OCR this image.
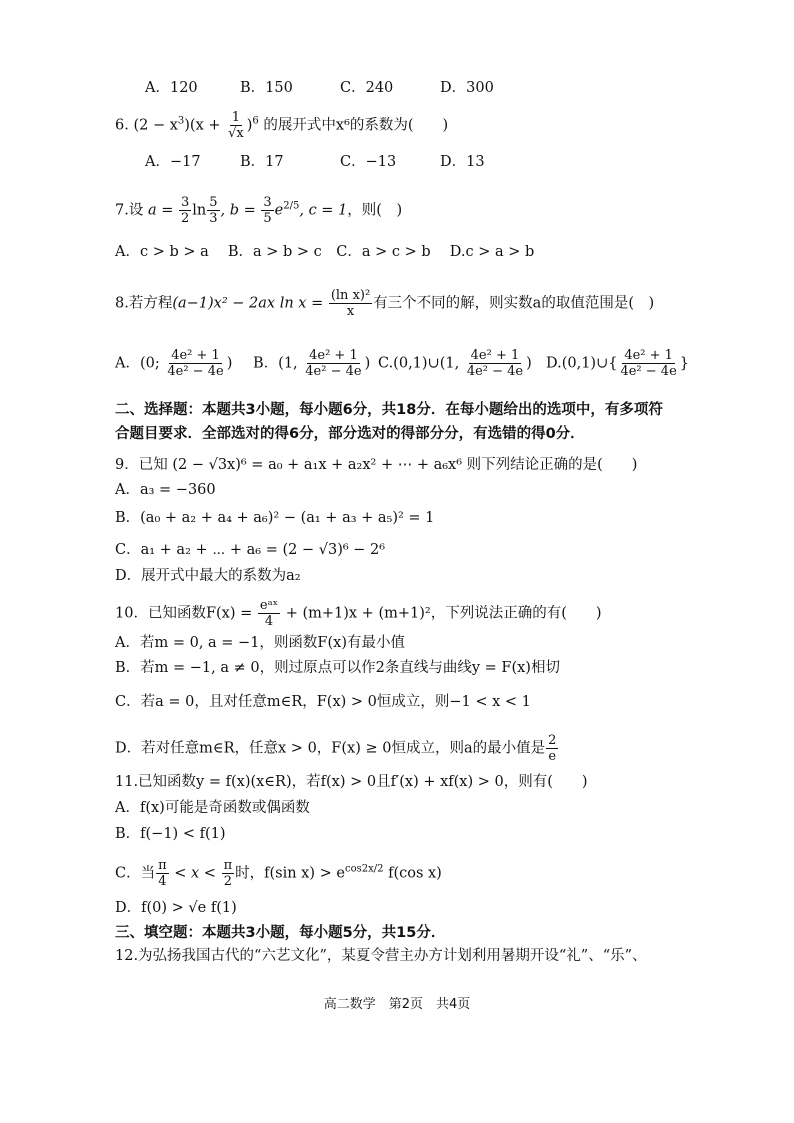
A．120	B．150	C．240	D．300
6. $(2 - x^3)(x + \frac{1}{√x} )^6$ 的展开式中x⁶的系数为(　　)
A．−17	B．17	C．−13	D．13
7.设 $a = \frac{3}{2}$ $\ln \frac{5}{3}$ , $b = \frac{3}{5} e^{2/5}$, c = 1，则(　)
A．c > b > a　 B．a > b > c　C．a > c > b　 D.c > a > b
8.若方程(a−1)x² − 2ax $\ln x = \frac{\text{(ln x)²}}{x}$ 有三个不同的解，则实数a的取值范围是(　)
A．(0; $\frac{\text{4e² + 1}}{\text{4e² − 4e}}$ ) B．(1, $\frac{\text{4e² + 1}}{\text{4e² − 4e}}$ ) C.(0,1)∪(1, $\frac{\text{4e² + 1}}{\text{4e² − 4e}}$ ) D.(0,1)∪{ $\frac{\text{4e² + 1}}{\text{4e² − 4e}}$ }
二、选择题：本题共3小题，每小题6分，共18分．在每小题给出的选项中，有多项符
合题目要求．全部选对的得6分，部分选对的得部分分，有选错的得0分．
9．已知 (2 − √3x)⁶ = a₀ + a₁x + a₂x² + ⋯ + a₆x⁶ 则下列结论正确的是(　　)
A．a₃ = −360
B．(a₀ + a₂ + a₄ + a₆)² − (a₁ + a₃ + a₅)² = 1
C．a₁ + a₂ + ⋯ + a₆ = (2 − √3)⁶ − 2⁶
D．展开式中最大的系数为a₂
10．已知函数$F(x) = \frac{\text{eᵃˣ}}{4} + (m+1)x + (m+1)^2$，下列说法正确的有(　　)
A．若m = 0, a = −1，则函数F(x)有最小值
B．若m = −1, a ≠ 0，则过原点可以作2条直线与曲线y = F(x)相切
C．若a = 0，且对任意m∈R，F(x) > 0恒成立，则−1 < x < 1
D．若对任意m∈R，任意x > 0，F(x) ≥ 0恒成立，则a的最小值是 $\frac{2}{e}$
11.已知函数y = f(x)(x∈R)，若f(x) > 0且f′(x) + xf(x) > 0，则有(　　)
A．f(x)可能是奇函数或偶函数
B．f(−1) < f(1)
C．当 $\frac{\pi}{4} < x < \frac{\pi}{2}$ 时，f(sin $x) > e^{cos2x/2}$ f(cos x)
D．f(0) > √e f(1)
三、填空题：本题共3小题，每小题5分，共15分．
12.为弘扬我国古代的“六艺文化”，某夏令营主办方计划利用暑期开设“礼”、“乐”、
高二数学　第2页　共4页
